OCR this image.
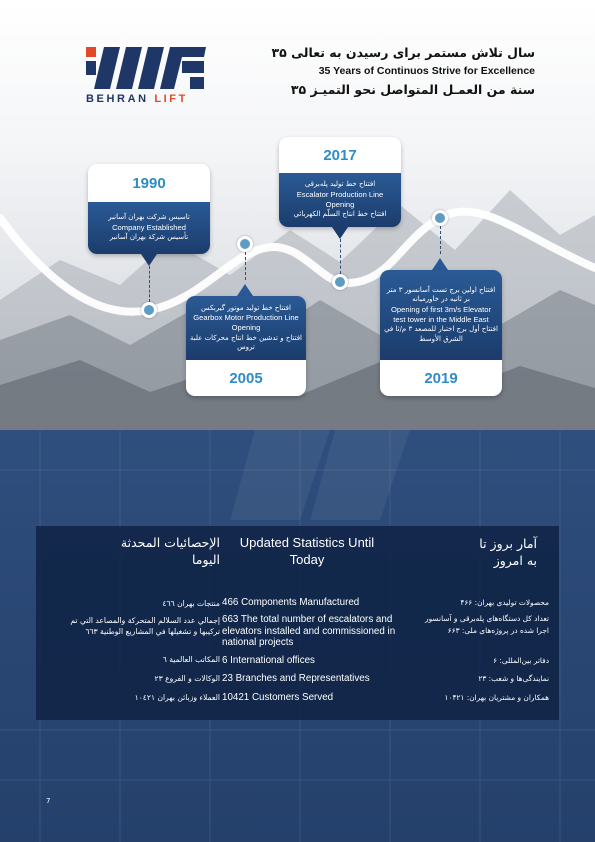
BEHRAN LIFT
۳۵ سال تلاش مستمر برای رسیدن به تعالی
35 Years of Continuos Strive for Excellence
۳۵ سنة من العمـل المتواصل نحو التميـز
1990
تاسیس شرکت بهران آسانبر
Company Established
تأسيس شركة بهران آسانبر
2017
افتتاح خط تولید پله‌برقی
Escalator Production Line Opening
افتتاح خط انتاج السلّم الكهربائي
افتتاح خط تولید موتور گیربکس
Gearbox Motor Production Line Opening
افتتاح و تدشين خط انتاج محركات علبة تروس
2005
افتتاح اولین برج تست آسانسور ۳ متر بر ثانیه در خاورمیانه
Opening of first 3m/s Elevator test tower in the Middle East
افتتاح أول برج اختبار للمصعد ۳ م/ثا في الشرق الأوسط
2019
الإحصائيات المحدثة اليوما
منتجات بهران ٤٦٦
إجمالي عدد السلالم المتحركة والمصاعد التي تم تركيبها و تشغيلها في المشاريع الوطنية ٦٦٣
المكاتب العالمية ٦
الوكالات و الفروع ٢٣
العملاء وزبائن بهران ١٠٤٢١
Updated Statistics Until Today
466 Components Manufactured
663 The total number of escalators and elevators installed and commissioned in national projects
6 International offices
23 Branches and Representatives
10421 Customers Served
آمار بروز تا به امروز
محصولات تولیدی بهران: ۴۶۶
تعداد کل دستگاه‌های پله‌برقی و آسانسور اجرا شده در پروژه‌های ملی: ۶۶۳
دفاتر بین‌المللی: ۶
نمایندگی‌ها و شعب: ۲۳
همکاران و مشتریان بهران: ۱۰۴۲۱
7
